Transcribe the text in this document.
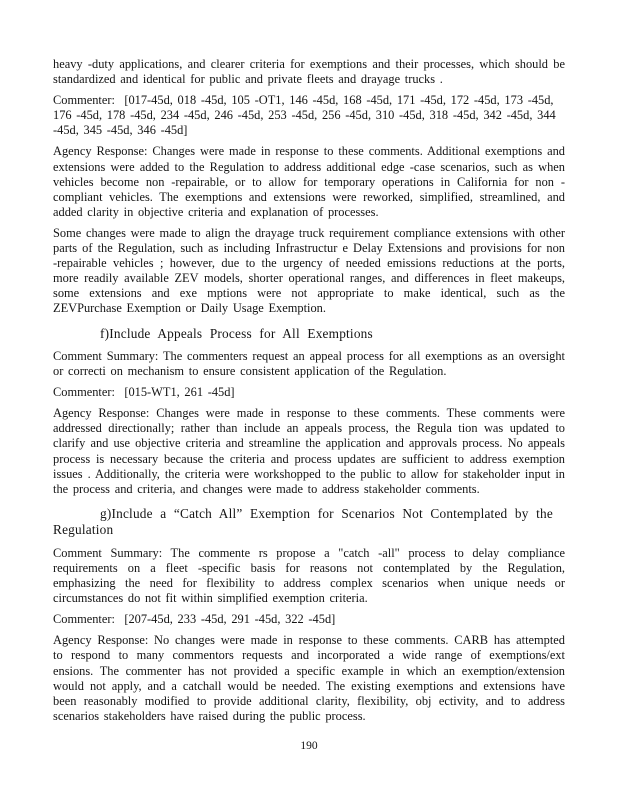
heavy -duty applications, and clearer criteria for exemptions and their processes, which should be standardized and identical for public and private fleets and drayage trucks .

Commenter:  [017-45d, 018 -45d, 105 -OT1, 146 -45d, 168 -45d, 171 -45d, 172 -45d, 173 -45d, 176 -45d, 178 -45d, 234 -45d, 246 -45d, 253 -45d, 256 -45d, 310 -45d, 318 -45d, 342 -45d, 344 -45d, 345 -45d, 346 -45d]

Agency Response: Changes were made in response to these comments. Additional exemptions and extensions were added to the Regulation to address additional edge -case scenarios, such as when vehicles become non -repairable, or to allow for temporary operations in California for non -compliant vehicles. The exemptions and extensions were reworked, simplified, streamlined, and added clarity in objective criteria and explanation of processes.

Some changes were made to align the drayage truck requirement compliance extensions with other parts of the Regulation, such as including Infrastructur e Delay Extensions and provisions for non -repairable vehicles ; however, due to the urgency of needed emissions reductions at the ports, more readily available ZEV models, shorter operational ranges, and differences in fleet makeups, some extensions and exe mptions were not appropriate to make identical, such as the ZEVPurchase Exemption or Daily Usage Exemption.

f)Include Appeals Process for All Exemptions

Comment Summary: The commenters request an appeal process for all exemptions as an oversight or correcti on mechanism to ensure consistent application of the Regulation.

Commenter:  [015-WT1, 261 -45d]

Agency Response: Changes were made in response to these comments. These comments were addressed directionally; rather than include an appeals process, the Regula tion was updated to clarify and use objective criteria and streamline the application and approvals process. No appeals process is necessary because the criteria and process updates are sufficient to address exemption issues . Additionally, the criteria were workshopped to the public to allow for stakeholder input in the process and criteria, and changes were made to address stakeholder comments.

g)Include a “Catch All” Exemption for Scenarios Not Contemplated by the Regulation

Comment Summary: The commente rs propose a "catch -all" process to delay compliance requirements on a fleet -specific basis for reasons not contemplated by the Regulation, emphasizing the need for flexibility to address complex scenarios when unique needs or circumstances do not fit within simplified exemption criteria.

Commenter:  [207-45d, 233 -45d, 291 -45d, 322 -45d]

Agency Response: No changes were made in response to these comments. CARB has attempted to respond to many commentors requests and incorporated a wide range of exemptions/ext ensions. The commenter has not provided a specific example in which an exemption/extension would not apply, and a catchall would be needed. The existing exemptions and extensions have been reasonably modified to provide additional clarity, flexibility, obj ectivity, and to address scenarios stakeholders have raised during the public process.

190
